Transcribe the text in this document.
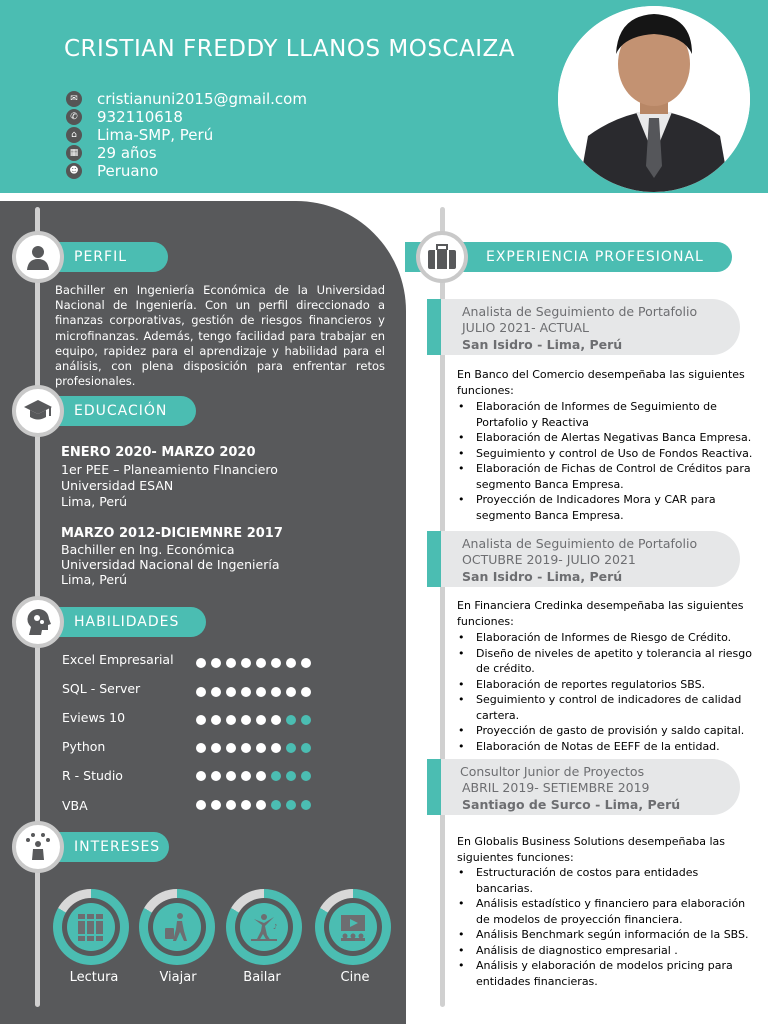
CRISTIAN FREDDY LLANOS MOSCAIZA
✉ cristianuni2015@gmail.com
✆ 932110618
⌂	Lima-SMP, Perú
▦ 29 años
☻ Peruano
PERFIL
Bachiller en Ingeniería Económica de la Universidad Nacional de Ingeniería. Con un perfil direccionado a finanzas corporativas, gestión de riesgos financieros y microfinanzas. Además, tengo facilidad para trabajar en equipo, rapidez para el aprendizaje y habilidad para el análisis, con plena disposición para enfrentar retos profesionales.
EDUCACIÓN
ENERO 2020- MARZO 2020
1er PEE – Planeamiento FInanciero
Universidad ESAN
Lima, Perú
MARZO 2012-DICIEMNRE 2017
Bachiller en Ing. Económica
Universidad Nacional de Ingeniería
Lima, Perú
HABILIDADES
Excel Empresarial
SQL - Server
Eviews 10
Python
R - Studio
VBA
INTERESES
Lectura	Viajar
♪
Bailar	Cine
EXPERIENCIA PROFESIONAL
Analista de Seguimiento de Portafolio
JULIO 2021- ACTUAL
San Isidro - Lima, Perú
En Banco del Comercio desempeñaba las siguientes funciones:
• Elaboración de Informes de Seguimiento de Portafolio y Reactiva
• Elaboración de Alertas Negativas Banca Empresa.
• Seguimiento y control de Uso de Fondos Reactiva.
• Elaboración de Fichas de Control de Créditos para segmento Banca Empresa.
• Proyección de Indicadores Mora y CAR para segmento Banca Empresa.
Analista de Seguimiento de Portafolio
OCTUBRE 2019- JULIO 2021
San Isidro - Lima, Perú
En Financiera Credinka desempeñaba las siguientes funciones:
• Elaboración de Informes de Riesgo de Crédito.
• Diseño de niveles de apetito y tolerancia al riesgo de crédito.
• Elaboración de reportes regulatorios SBS.
• Seguimiento y control de indicadores de calidad cartera.
• Proyección de gasto de provisión y saldo capital.
• Elaboración de Notas de EEFF de la entidad.
Consultor Junior de Proyectos
ABRIL 2019- SETIEMBRE 2019
Santiago de Surco - Lima, Perú
En Globalis Business Solutions desempeñaba las siguientes funciones:
• Estructuración de costos para entidades bancarias.
• Análisis estadístico y financiero para elaboración de modelos de proyección financiera.
• Análisis Benchmark según información de la SBS.
• Análisis de diagnostico empresarial .
• Análisis y elaboración de modelos pricing para entidades financieras.
